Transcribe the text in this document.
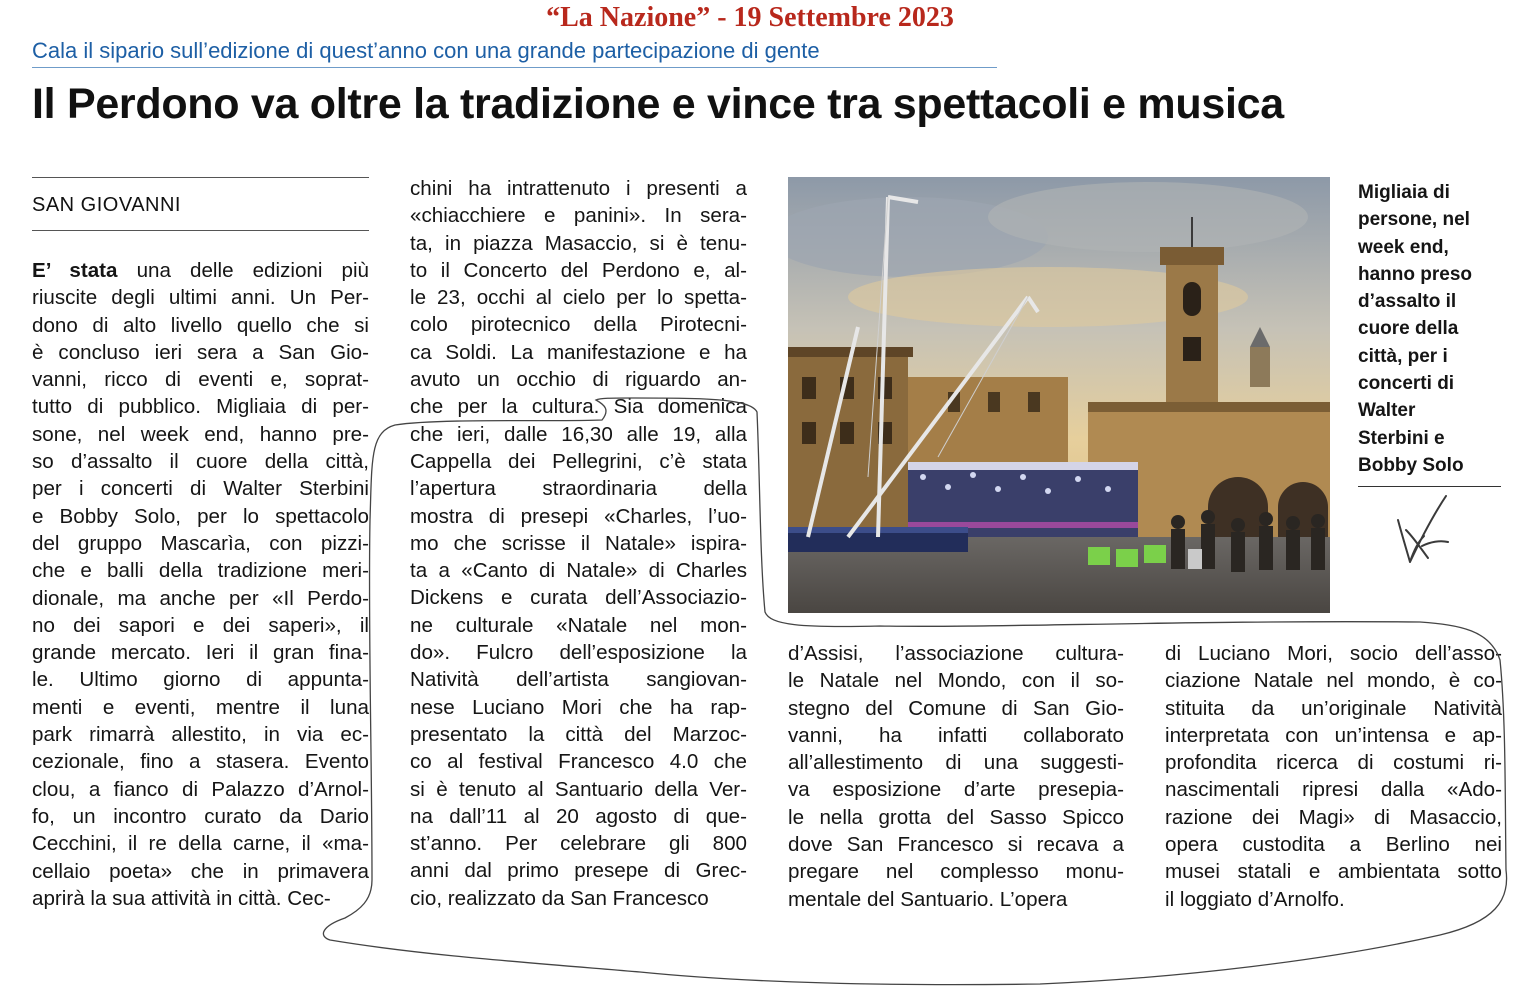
“La Nazione” - 19 Settembre 2023
Cala il sipario sull’edizione di quest’anno con una grande partecipazione di gente
Il Perdono va oltre la tradizione e vince tra spettacoli e musica
SAN GIOVANNI
E’ stata una delle edizioni più
riuscite degli ultimi anni. Un Per-
dono di alto livello quello che si
è concluso ieri sera a San Gio-
vanni, ricco di eventi e, soprat-
tutto di pubblico. Migliaia di per-
sone, nel week end, hanno pre-
so d’assalto il cuore della città,
per i concerti di Walter Sterbini
e Bobby Solo, per lo spettacolo
del gruppo Mascarìa, con pizzi-
che e balli della tradizione meri-
dionale, ma anche per «Il Perdo-
no dei sapori e dei saperi», il
grande mercato. Ieri il gran fina-
le. Ultimo giorno di appunta-
menti e eventi, mentre il luna
park rimarrà allestito, in via ec-
cezionale, fino a stasera. Evento
clou, a fianco di Palazzo d’Arnol-
fo, un incontro curato da Dario
Cecchini, il re della carne, il «ma-
cellaio poeta» che in primavera
aprirà la sua attività in città. Cec-
chini ha intrattenuto i presenti a
«chiacchiere e panini». In sera-
ta, in piazza Masaccio, si è tenu-
to il Concerto del Perdono e, al-
le 23, occhi al cielo per lo spetta-
colo pirotecnico della Pirotecni-
ca Soldi. La manifestazione e ha
avuto un occhio di riguardo an-
che per la cultura. Sia domenica
che ieri, dalle 16,30 alle 19, alla
Cappella dei Pellegrini, c’è stata
l’apertura straordinaria della
mostra di presepi «Charles, l’uo-
mo che scrisse il Natale» ispira-
ta a «Canto di Natale» di Charles
Dickens e curata dell’Associazio-
ne culturale «Natale nel mon-
do». Fulcro dell’esposizione la
Natività dell’artista sangiovan-
nese Luciano Mori che ha rap-
presentato la città del Marzoc-
co al festival Francesco 4.0 che
si è tenuto al Santuario della Ver-
na dall’11 al 20 agosto di que-
st’anno. Per celebrare gli 800
anni dal primo presepe di Grec-
cio, realizzato da San Francesco
d’Assisi, l’associazione cultura-
le Natale nel Mondo, con il so-
stegno del Comune di San Gio-
vanni, ha infatti collaborato
all’allestimento di una suggesti-
va esposizione d’arte presepia-
le nella grotta del Sasso Spicco
dove San Francesco si recava a
pregare nel complesso monu-
mentale del Santuario. L’opera
di Luciano Mori, socio dell’asso-
ciazione Natale nel mondo, è co-
stituita da un’originale Natività
interpretata con un’intensa e ap-
profondita ricerca di costumi ri-
nascimentali ripresi dalla «Ado-
razione dei Magi» di Masaccio,
opera custodita a Berlino nei
musei statali e ambientata sotto
il loggiato d’Arnolfo.
Migliaia di
persone, nel
week end,
hanno preso
d’assalto il
cuore della
città, per i
concerti di
Walter
Sterbini e
Bobby Solo
